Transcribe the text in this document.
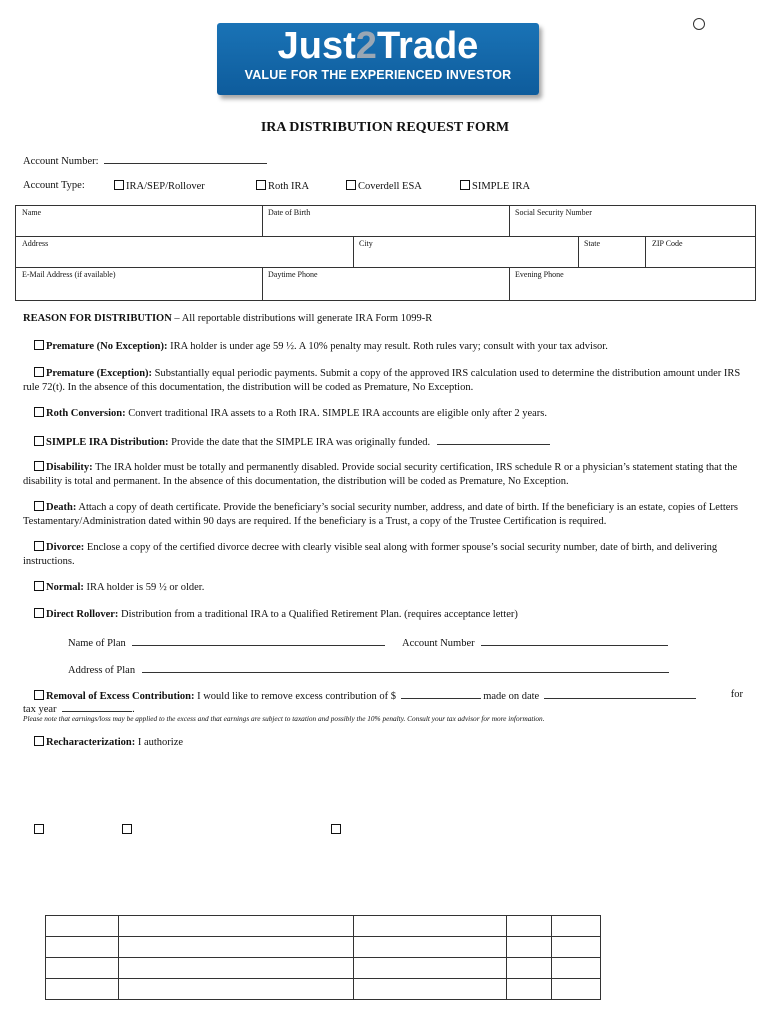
Just2Trade
VALUE FOR THE EXPERIENCED INVESTOR
IRA DISTRIBUTION REQUEST FORM
Account Number:
Account Type:	IRA/SEP/Rollover	Roth IRA	Coverdell ESA	SIMPLE IRA
Name	Date of Birth	Social Security Number
Address	City	State	ZIP Code
E-Mail Address (if available)	Daytime Phone	Evening Phone
REASON FOR DISTRIBUTION – All reportable distributions will generate IRA Form 1099-R
Premature (No Exception): IRA holder is under age 59 ½. A 10% penalty may result. Roth rules vary; consult with your tax advisor.
Premature (Exception): Substantially equal periodic payments. Submit a copy of the approved IRS calculation used to determine the distribution amount under IRS rule 72(t). In the absence of this documentation, the distribution will be coded as Premature, No Exception.
Roth Conversion: Convert traditional IRA assets to a Roth IRA. SIMPLE IRA accounts are eligible only after 2 years.
SIMPLE IRA Distribution: Provide the date that the SIMPLE IRA was originally funded.
Disability: The IRA holder must be totally and permanently disabled. Provide social security certification, IRS schedule R or a physician’s statement stating that the disability is total and permanent. In the absence of this documentation, the distribution will be coded as Premature, No Exception.
Death: Attach a copy of death certificate. Provide the beneficiary’s social security number, address, and date of birth. If the beneficiary is an estate, copies of Letters Testamentary/Administration dated within 90 days are required. If the beneficiary is a Trust, a copy of the Trustee Certification is required.
Divorce: Enclose a copy of the certified divorce decree with clearly visible seal along with former spouse’s social security number, date of birth, and delivering instructions.
Normal: IRA holder is 59 ½ or older.
Direct Rollover: Distribution from a traditional IRA to a Qualified Retirement Plan. (requires acceptance letter)
Name of Plan	Account Number
Address of Plan
Removal of Excess Contribution: I would like to remove excess contribution of $	made on date	for
tax year	.
Please note that earnings/loss may be applied to the excess and that earnings are subject to taxation and possibly the 10% penalty. Consult your tax advisor for more information.
Recharacterization: I authorize
